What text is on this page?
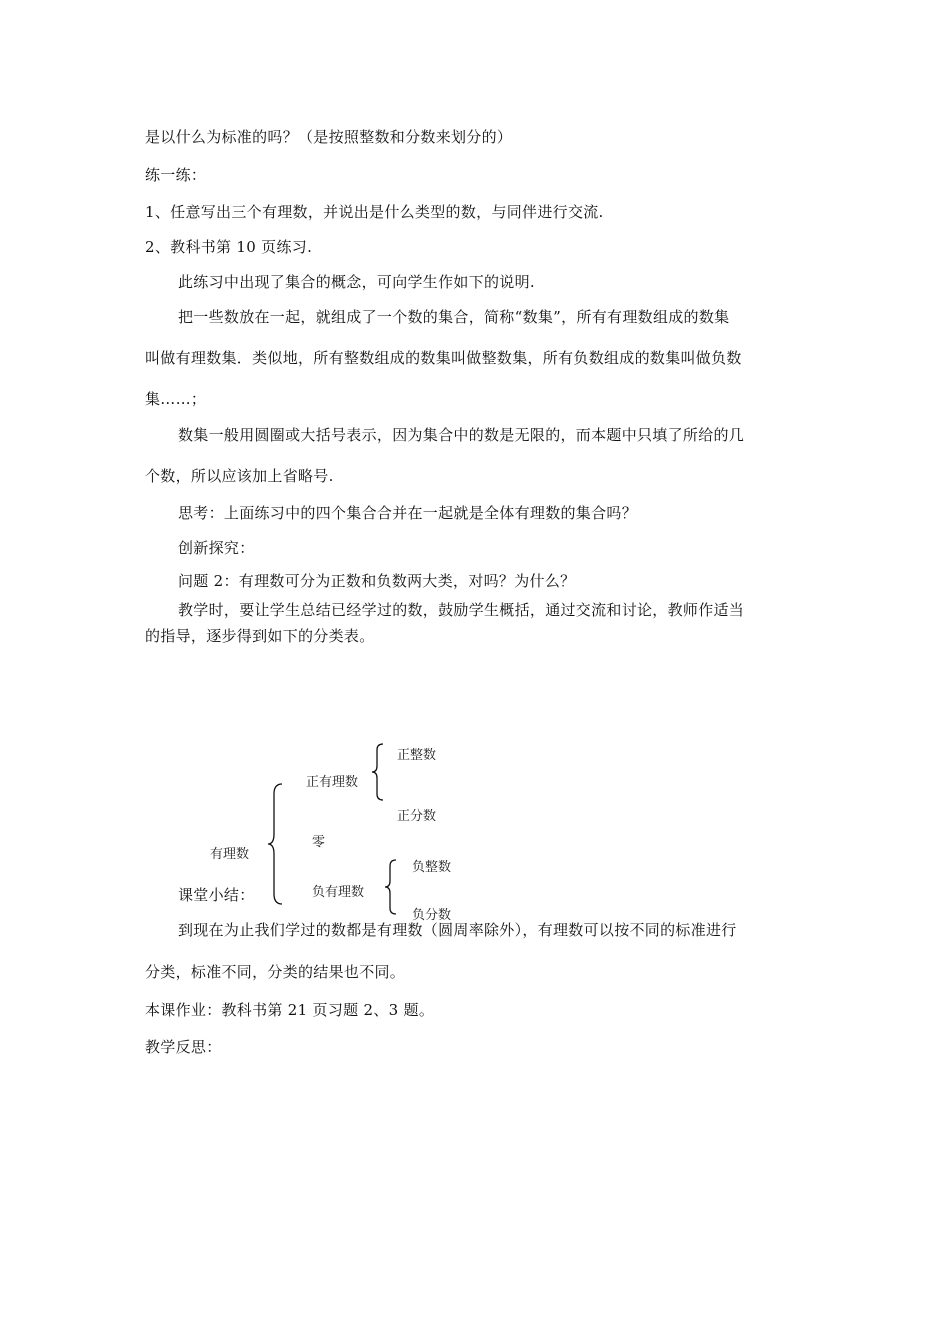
是以什么为标准的吗？（是按照整数和分数来划分的）
练一练：
1、任意写出三个有理数，并说出是什么类型的数，与同伴进行交流.
2、教科书第 10 页练习.
此练习中出现了集合的概念，可向学生作如下的说明.
把一些数放在一起，就组成了一个数的集合，简称“数集”，所有有理数组成的数集
叫做有理数集．类似地，所有整数组成的数集叫做整数集，所有负数组成的数集叫做负数
集……；
数集一般用圆圈或大括号表示，因为集合中的数是无限的，而本题中只填了所给的几
个数，所以应该加上省略号.
思考：上面练习中的四个集合合并在一起就是全体有理数的集合吗？
创新探究：
问题 2：有理数可分为正数和负数两大类，对吗？为什么？
教学时，要让学生总结已经学过的数，鼓励学生概括，通过交流和讨论，教师作适当
的指导，逐步得到如下的分类表。
有理数
正有理数
零
负有理数
正整数
正分数
负整数
负分数
课堂小结：
到现在为止我们学过的数都是有理数（圆周率除外），有理数可以按不同的标准进行
分类，标准不同，分类的结果也不同。
本课作业：教科书第 21 页习题 2、3 题。
教学反思：
